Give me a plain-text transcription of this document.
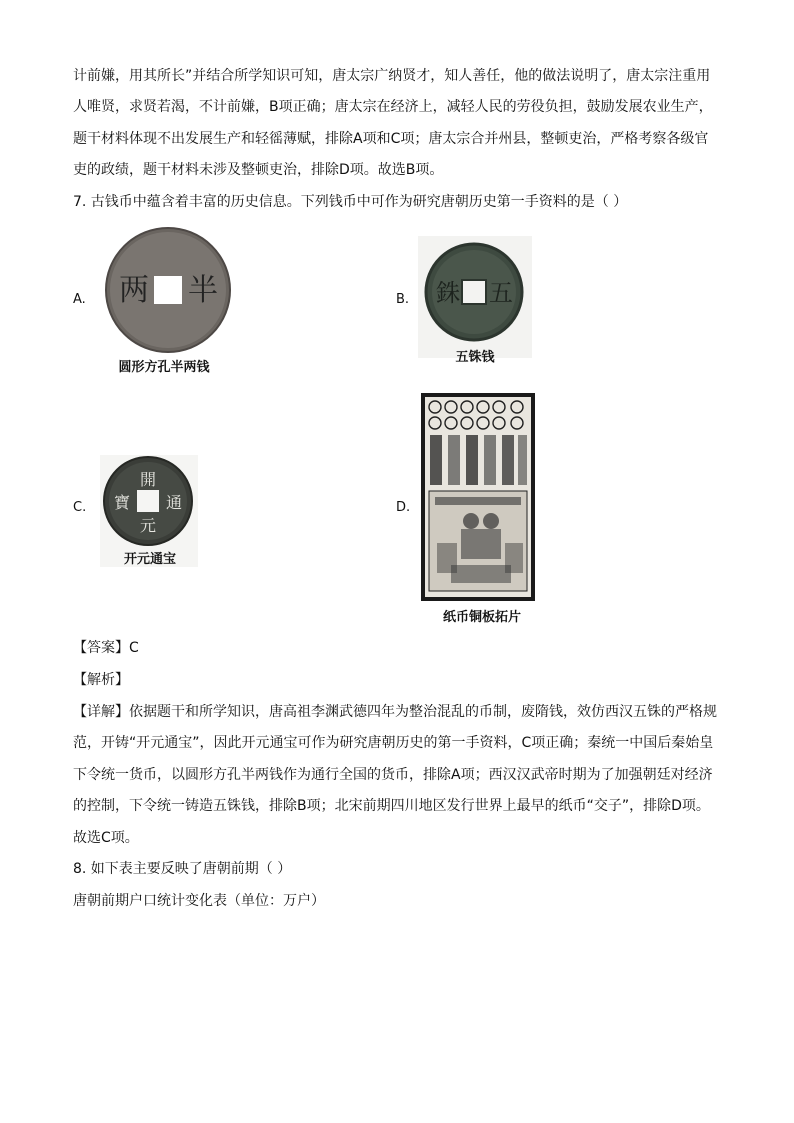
计前嫌，用其所长”并结合所学知识可知，唐太宗广纳贤才，知人善任，他的做法说明了，唐太宗注重用
人唯贤，求贤若渴，不计前嫌，B项正确；唐太宗在经济上，减轻人民的劳役负担，鼓励发展农业生产，
题干材料体现不出发展生产和轻徭薄赋，排除A项和C项；唐太宗合并州县，整顿吏治，严格考察各级官
吏的政绩，题干材料未涉及整顿吏治，排除D项。故选B项。
7. 古钱币中蕴含着丰富的历史信息。下列钱币中可作为研究唐朝历史第一手资料的是（ ）
A. 两 半
圆形方孔半两钱
B. 銖 五
五铢钱
C.
開
元
寶 通
开元通宝
D.
纸币铜板拓片
【答案】C
【解析】
【详解】依据题干和所学知识，唐高祖李渊武德四年为整治混乱的币制，废隋钱，效仿西汉五铢的严格规
范，开铸“开元通宝”，因此开元通宝可作为研究唐朝历史的第一手资料，C项正确；秦统一中国后秦始皇
下令统一货币，以圆形方孔半两钱作为通行全国的货币，排除A项；西汉汉武帝时期为了加强朝廷对经济
的控制，下令统一铸造五铢钱，排除B项；北宋前期四川地区发行世界上最早的纸币“交子”，排除D项。
故选C项。
8. 如下表主要反映了唐朝前期（ ）
唐朝前期户口统计变化表（单位：万户）
